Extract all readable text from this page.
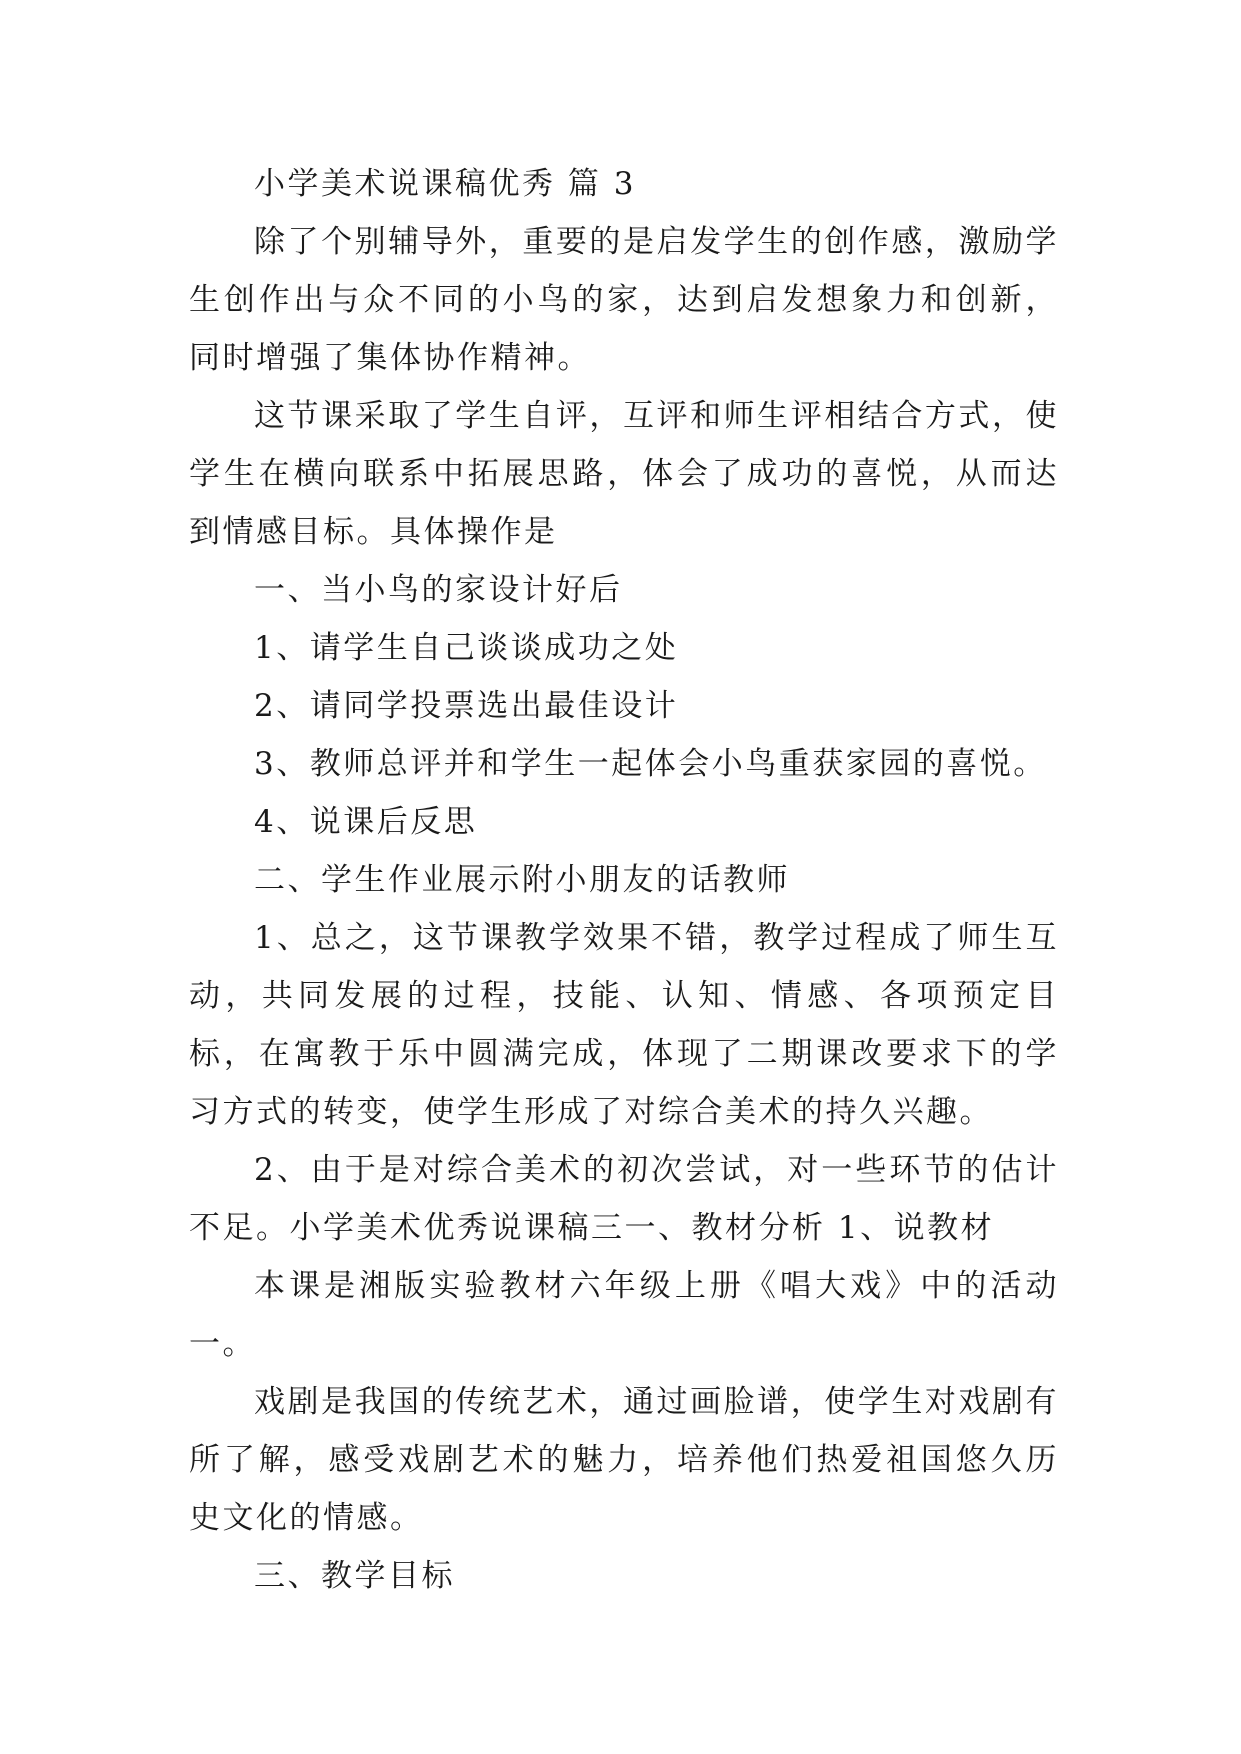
小学美术说课稿优秀 篇 3

除了个别辅导外，重要的是启发学生的创作感，激励学生创作出与众不同的小鸟的家，达到启发想象力和创新，同时增强了集体协作精神。

这节课采取了学生自评，互评和师生评相结合方式，使学生在横向联系中拓展思路，体会了成功的喜悦，从而达到情感目标。具体操作是

一、当小鸟的家设计好后

1、请学生自己谈谈成功之处

2、请同学投票选出最佳设计

3、教师总评并和学生一起体会小鸟重获家园的喜悦。

4、说课后反思

二、学生作业展示附小朋友的话教师

1、总之，这节课教学效果不错，教学过程成了师生互动，共同发展的过程，技能、认知、情感、各项预定目标，在寓教于乐中圆满完成，体现了二期课改要求下的学习方式的转变，使学生形成了对综合美术的持久兴趣。

2、由于是对综合美术的初次尝试，对一些环节的估计不足。小学美术优秀说课稿三一、教材分析 1、说教材

本课是湘版实验教材六年级上册《唱大戏》中的活动一。

戏剧是我国的传统艺术，通过画脸谱，使学生对戏剧有所了解，感受戏剧艺术的魅力，培养他们热爱祖国悠久历史文化的情感。

三、教学目标
